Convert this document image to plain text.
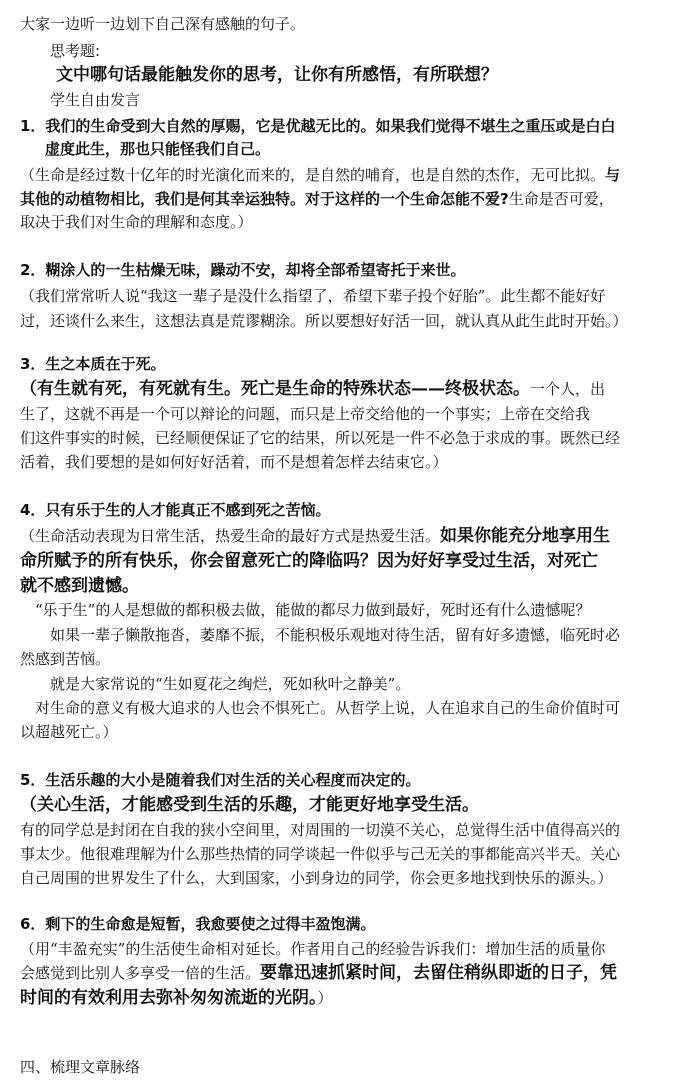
大家一边听一边划下自己深有感触的句子。
思考题:
文中哪句话最能触发你的思考，让你有所感悟，有所联想？
学生自由发言
1．我们的生命受到大自然的厚赐，它是优越无比的。如果我们觉得不堪生之重压或是白白
虚度此生，那也只能怪我们自己。
（生命是经过数十亿年的时光演化而来的，是自然的哺育，也是自然的杰作，无可比拟。与
其他的动植物相比，我们是何其幸运独特。对于这样的一个生命怎能不爱?生命是否可爱，
取决于我们对生命的理解和态度。）
2．糊涂人的一生枯燥无味，躁动不安，却将全部希望寄托于来世。
（我们常常听人说“我这一辈子是没什么指望了，希望下辈子投个好胎”。此生都不能好好
过，还谈什么来生，这想法真是荒谬糊涂。所以要想好好活一回，就认真从此生此时开始。）
3．生之本质在于死。
（有生就有死，有死就有生。死亡是生命的特殊状态——终极状态。一个人，出
生了，这就不再是一个可以辩论的问题，而只是上帝交给他的一个事实；上帝在交给我
们这件事实的时候，已经顺便保证了它的结果，所以死是一件不必急于求成的事。既然已经
活着，我们要想的是如何好好活着，而不是想着怎样去结束它。）
4．只有乐于生的人才能真正不感到死之苦恼。
（生命活动表现为日常生活，热爱生命的最好方式是热爱生活。如果你能充分地享用生
命所赋予的所有快乐，你会留意死亡的降临吗？因为好好享受过生活，对死亡
就不感到遗憾。
　“乐于生”的人是想做的都积极去做，能做的都尽力做到最好，死时还有什么遗憾呢？
　　如果一辈子懒散拖沓，萎靡不振，不能积极乐观地对待生活，留有好多遗憾，临死时必
然感到苦恼。
　　就是大家常说的“生如夏花之绚烂，死如秋叶之静美”。
　对生命的意义有极大追求的人也会不惧死亡。从哲学上说，人在追求自己的生命价值时可
以超越死亡。）
5．生活乐趣的大小是随着我们对生活的关心程度而决定的。
（关心生活，才能感受到生活的乐趣，才能更好地享受生活。
有的同学总是封闭在自我的狭小空间里，对周围的一切漠不关心，总觉得生活中值得高兴的
事太少。他很难理解为什么那些热情的同学谈起一件似乎与己无关的事都能高兴半天。关心
自己周围的世界发生了什么，大到国家，小到身边的同学，你会更多地找到快乐的源头。）
6．剩下的生命愈是短暂，我愈要使之过得丰盈饱满。
（用“丰盈充实”的生活使生命相对延长。作者用自己的经验告诉我们：增加生活的质量你
会感觉到比别人多享受一倍的生活。要靠迅速抓紧时间，去留住稍纵即逝的日子，凭
时间的有效利用去弥补匆匆流逝的光阴。）
四、梳理文章脉络
